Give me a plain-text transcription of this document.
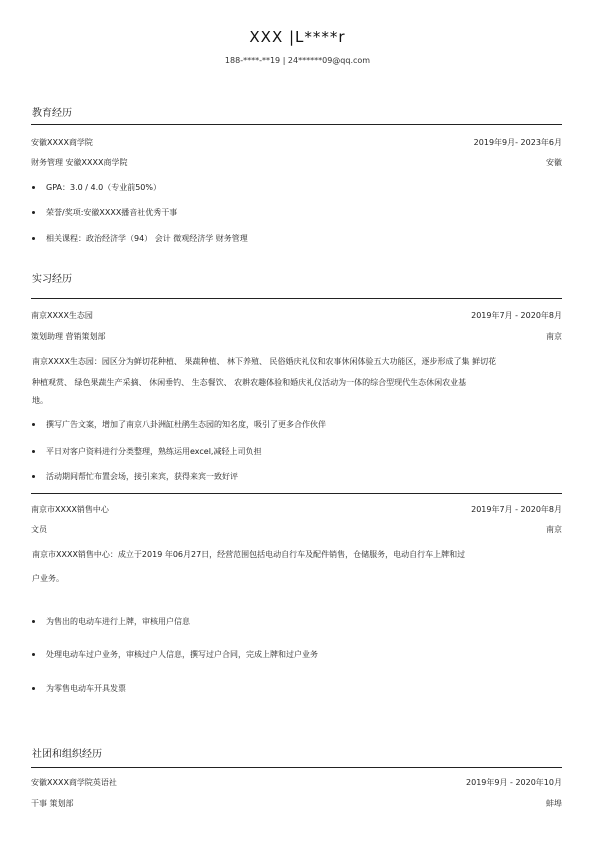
XXX |L****r
188-****-**19 | 24******09@qq.com
教育经历
安徽XXXX商学院	2019年9月- 2023年6月
财务管理 安徽XXXX商学院	安徽
GPA：3.0 / 4.0（专业前50%）
荣誉/奖项:安徽XXXX播音社优秀干事
相关课程：政治经济学（94） 会计 微观经济学 财务管理
实习经历
南京XXXX生态园	2019年7月 - 2020年8月
策划助理 营销策划部	南京
南京XXXX生态园：园区分为鲜切花种植、 果蔬种植、 林下养殖、 民俗婚庆礼仪和农事休闲体验五大功能区，逐步形成了集 鲜切花
种植观赏、 绿色果蔬生产采摘、 休闲垂钓、 生态餐饮、 农耕农趣体验和婚庆礼仪活动为一体的综合型现代生态休闲农业基
地。
撰写广告文案，增加了南京八卦洲缸杜鹃生态园的知名度，吸引了更多合作伙伴
平日对客户资料进行分类整理，熟练运用excel,减轻上司负担
活动期间帮忙布置会场，接引来宾，获得来宾一致好评
南京市XXXX销售中心	2019年7月 - 2020年8月
文员	南京
南京市XXXX销售中心：成立于2019 年06月27日，经营范围包括电动自行车及配件销售，仓储服务，电动自行车上牌和过
户业务。
为售出的电动车进行上牌，审核用户信息
处理电动车过户业务，审核过户人信息，撰写过户合同，完成上牌和过户业务
为零售电动车开具发票
社团和组织经历
安徽XXXX商学院英语社	2019年9月 - 2020年10月
干事 策划部	蚌埠
